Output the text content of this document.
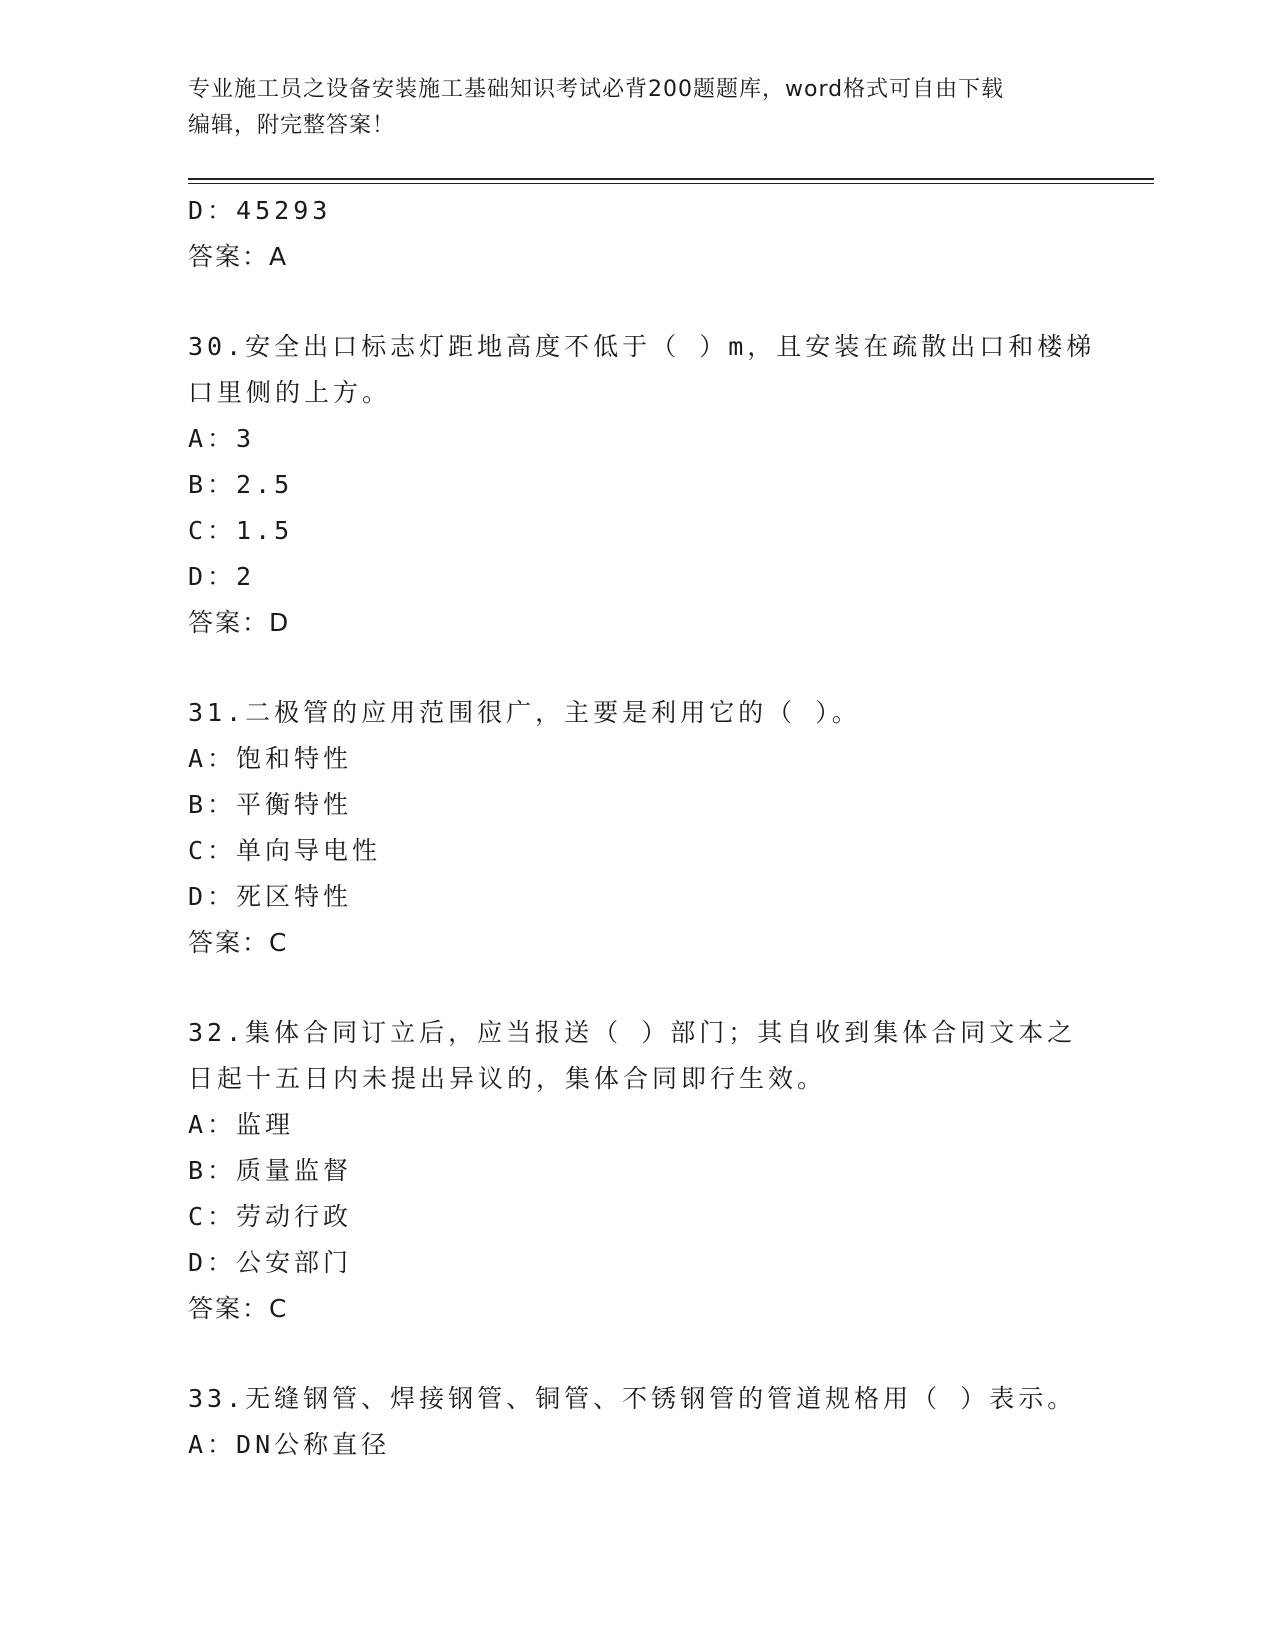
专业施工员之设备安装施工基础知识考试必背200题题库，word格式可自由下载
编辑，附完整答案！
D：45293
答案：A
30.安全出口标志灯距地高度不低于（ ）m，且安装在疏散出口和楼梯
口里侧的上方。
A：3
B：2.5
C：1.5
D：2
答案：D
31.二极管的应用范围很广，主要是利用它的（ ）。
A：饱和特性
B：平衡特性
C：单向导电性
D：死区特性
答案：C
32.集体合同订立后，应当报送（ ）部门；其自收到集体合同文本之
日起十五日内未提出异议的，集体合同即行生效。
A：监理
B：质量监督
C：劳动行政
D：公安部门
答案：C
33.无缝钢管、焊接钢管、铜管、不锈钢管的管道规格用（ ）表示。
A：DN公称直径
